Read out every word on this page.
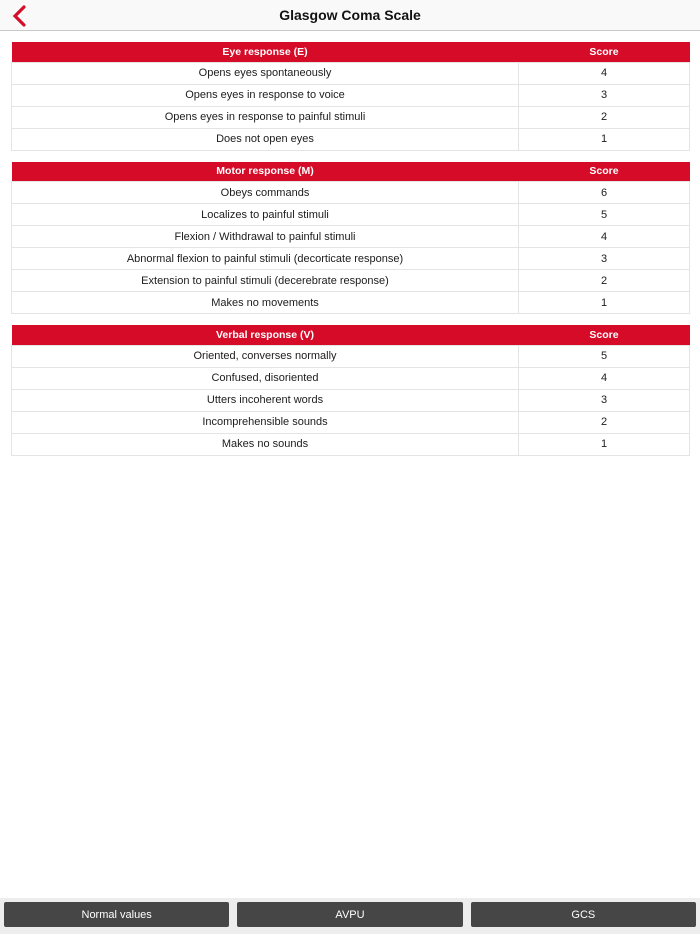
Glasgow Coma Scale
Eye response (E)	Score
Opens eyes spontaneously	4
Opens eyes in response to voice	3
Opens eyes in response to painful stimuli	2
Does not open eyes	1
Motor response (M)	Score
Obeys commands	6
Localizes to painful stimuli	5
Flexion / Withdrawal to painful stimuli	4
Abnormal flexion to painful stimuli (decorticate response)	3
Extension to painful stimuli (decerebrate response)	2
Makes no movements	1
Verbal response (V)	Score
Oriented, converses normally	5
Confused, disoriented	4
Utters incoherent words	3
Incomprehensible sounds	2
Makes no sounds	1
Normal values	AVPU	GCS
